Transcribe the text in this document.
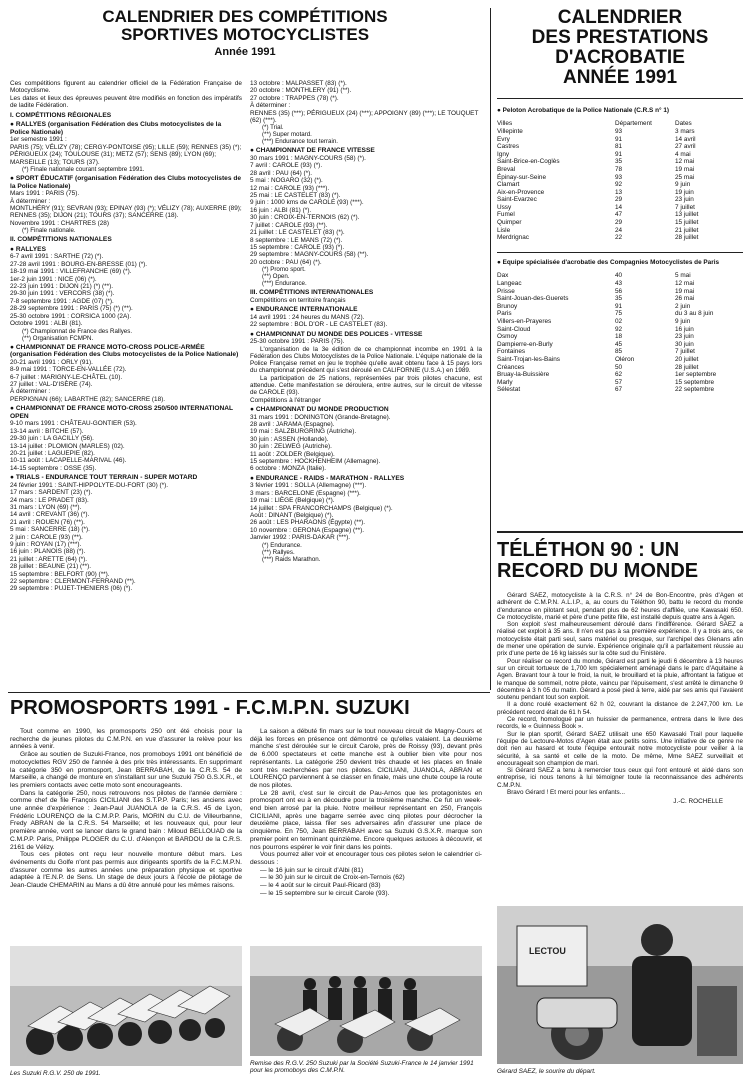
CALENDRIER DES COMPÉTITIONS
SPORTIVES MOTOCYCLISTES
Année 1991

Ces compétitions figurent au calendrier officiel de la Fédération Française de Motocyclisme.

Les dates et lieux des épreuves peuvent être modifiés en fonction des impératifs de ladite Fédération.

I. COMPÉTITIONS RÉGIONALES
● RALLYES (organisation Fédération des Clubs motocyclistes de la Police Nationale)
1er semestre 1991 :
PARIS (75); VÉLIZY (78); CERGY-PONTOISE (95); LILLE (59); RENNES (35) (*); PÉRIGUEUX (24); TOULOUSE (31); METZ (57); SENS (89); LYON (69); MARSEILLE (13); TOURS (37).
(*) Finale nationale courant septembre 1991.
● SPORT ÉDUCATIF (organisation Fédération des Clubs motocyclistes de la Police Nationale)
Mars 1991 : PARIS (75).
À déterminer :
MONTLHÉRY (91); SEVRAN (93); EPINAY (93) (*); VÉLIZY (78); AUXERRE (89); RENNES (35); DIJON (21); TOURS (37); SANCERRE (18).
Novembre 1991 : CHARTRES (28)
(*) Finale nationale.
II. COMPÉTITIONS NATIONALES
● RALLYES
6-7 avril 1991 : SARTHE (72) (*).
27-28 avril 1991 : BOURG-EN-BRESSE (01) (*).
18-19 mai 1991 : VILLEFRANCHE (69) (*).
1er-2 juin 1991 : NICE (06) (*).
22-23 juin 1991 : DIJON (21) (*) (**).
29-30 juin 1991 : VERCORS (38) (*).
7-8 septembre 1991 : AGDE (07) (*).
28-29 septembre 1991 : PARIS (75) (*) (**).
25-30 octobre 1991 : CORSICA 1000 (2A).
Octobre 1991 : ALBI (81).
(*) Championnat de France des Rallyes.
(**) Organisation FCMPN.
● CHAMPIONNAT DE FRANCE MOTO-CROSS POLICE-ARMÉE (organisation Fédération des Clubs motocyclistes de la Police Nationale)
20-21 avril 1991 : ORLY (91).
8-9 mai 1991 : TORCE-EN-VALLÉE (72).
6-7 juillet : MARIGNY-LE-CHÂTEL (10).
27 juillet : VAL-D'ISÈRE (74).
À déterminer :
PERPIGNAN (66); LABARTHE (82); SANCERRE (18).
● CHAMPIONNAT DE FRANCE MOTO-CROSS 250/500 INTERNATIONAL OPEN
9-10 mars 1991 : CHÂTEAU-GONTIER (53).
13-14 avril : BITCHE (57).
29-30 juin : LA GACILLY (56).
13-14 juillet : PLOMION (MARLES) (02).
20-21 juillet : LAGUEPIE (82).
10-11 août : LACAPELLE-MARIVAL (46).
14-15 septembre : OSSE (35).
● TRIALS - ENDURANCE TOUT TERRAIN - SUPER MOTARD
24 février 1991 : SAINT-HIPPOLYTE-DU-FORT (30) (*).
17 mars : SARDENT (23) (*).
24 mars : LE PRADET (83).
31 mars : LYON (69) (**).
14 avril : CREVANT (36) (*).
21 avril : ROUEN (76) (**).
5 mai : SANCERRE (18) (*).
2 juin : CAROLE (93) (**).
9 juin : ROYAN (17) (***).
16 juin : PLANOIS (88) (*).
21 juillet : ARETTE (64) (*).
28 juillet : BEAUNE (21) (**).
15 septembre : BELFORT (90) (**).
22 septembre : CLERMONT-FERRAND (**).
29 septembre : PUJET-THENIERS (06) (*).
13 octobre : MALPASSET (83) (*).
20 octobre : MONTHLERY (91) (**).
27 octobre : TRAPPES (78) (*).
À déterminer :
RENNES (35) (***); PÉRIGUEUX (24) (***); APPOIGNY (89) (***); LE TOUQUET (62) (***).
(*) Trial.
(**) Super motard.
(***) Endurance tout terrain.
● CHAMPIONNAT DE FRANCE VITESSE
30 mars 1991 : MAGNY-COURS (58) (*).
7 avril : CAROLE (93) (*).
28 avril : PAU (64) (*).
5 mai : NOGARO (32) (*).
12 mai : CAROLE (93) (***).
25 mai : LE CASTELET (83) (*).
9 juin : 1000 kms de CAROLE (93) (***).
16 juin : ALBI (81) (*).
30 juin : CROIX-EN-TERNOIS (62) (*).
7 juillet : CAROLE (93) (**).
21 juillet : LE CASTELET (83) (*).
8 septembre : LE MANS (72) (*).
15 septembre : CAROLE (93) (*).
29 septembre : MAGNY-COURS (58) (**).
20 octobre : PAU (64) (*).
(*) Promo sport.
(**) Open.
(***) Endurance.
III. COMPÉTITIONS INTERNATIONALES
Compétitions en territoire français
● ENDURANCE INTERNATIONALE
14 avril 1991 : 24 heures du MANS (72).
22 septembre : BOL D'OR - LE CASTELET (83).
● CHAMPIONNAT DU MONDE DES POLICES - VITESSE
25-30 octobre 1991 : PARIS (75).
L'organisation de la 3e édition de ce championnat incombe en 1991 à la Fédération des Clubs Motocyclistes de la Police Nationale. L'équipe nationale de la Police Française remet en jeu le trophée qu'elle avait obtenu face à 15 pays lors du championnat précédent qui s'est déroulé en CALIFORNIE (U.S.A.) en 1989.
La participation de 25 nations, représentées par trois pilotes chacune, est attendue. Cette manifestation se déroulera, entre autres, sur le circuit de vitesse de CAROLE (93).
Compétitions à l'étranger
● CHAMPIONNAT DU MONDE PRODUCTION
31 mars 1991 : DONINGTON (Grande-Bretagne).
28 avril : JARAMA (Espagne).
19 mai : SALZBURGRING (Autriche).
30 juin : ASSEN (Hollande).
30 juin : ZELWEG (Autriche).
11 août : ZOLDER (Belgique).
15 septembre : HOCKHENHEIM (Allemagne).
6 octobre : MONZA (Italie).
● ENDURANCE - RAIDS - MARATHON - RALLYES
3 février 1991 : SOLLA (Allemagne) (***).
3 mars : BARCELONE (Espagne) (***).
19 mai : LIÈGE (Belgique) (*).
14 juillet : SPA FRANCORCHAMPS (Belgique) (*).
Août : DINANT (Belgique) (*).
26 août : LES PHARAONS (Égypte) (**).
10 novembre : GERONA (Espagne) (**).
Janvier 1992 : PARIS-DAKAR (***).
(*) Endurance.
(**) Rallyes.
(***) Raids Marathon.
CALENDRIER
DES PRESTATIONS
D'ACROBATIE
ANNÉE 1991
● Peloton Acrobatique de la Police Nationale (C.R.S n° 1)
Villes	Département	Dates
Villepinte	93	3 mars
Evry	91	14 avril
Castres	81	27 avril
Igny	91	4 mai
Saint-Brice-en-Coglès	35	12 mai
Breval	78	19 mai
Épinay-sur-Seine	93	25 mai
Clamart	92	9 juin
Aix-en-Provence	13	19 juin
Saint-Evarzec	29	23 juin
Ussy	14	7 juillet
Fumel	47	13 juillet
Quimper	29	15 juillet
Lisle	24	21 juillet
Merdrignac	22	28 juillet
● Equipe spécialisée d'acrobatie des Compagnies Motocyclistes de Paris
Dax	40	5 mai
Langeac	43	12 mai
Prisse	56	19 mai
Saint-Jouan-des-Guerets	35	26 mai
Brunoy	91	2 juin
Paris	75	du 3 au 8 juin
Villers-en-Prayeres	02	9 juin
Saint-Cloud	92	16 juin
Osmoy	18	23 juin
Dampierre-en-Burly	45	30 juin
Fontaines	85	7 juillet
Saint-Trojan-les-Bains	Oléron	20 juillet
Créances	50	28 juillet
Bruay-la-Buissière	62	1er septembre
Marly	57	15 septembre
Sélestat	67	22 septembre
TÉLÉTHON 90 : UN
RECORD DU MONDE

Gérard SAEZ, motocycliste à la C.R.S. n° 24 de Bon-Encontre, près d'Agen et adhérent de C.M.P.N. A.L.I.P., a, au cours du Téléthon 90, battu le record du monde d'endurance en pilotant seul, pendant plus de 62 heures d'affilée, une Kawasaki 650. Ce motocycliste, marié et père d'une petite fille, est installé depuis quatre ans à Agen.

Son exploit s'est malheureusement déroulé dans l'indifférence. Gérard SAEZ a réalisé cet exploit à 35 ans. Il n'en est pas à sa première expérience. Il y a trois ans, ce motocycliste était parti seul, sans matériel ou presque, sur l'archipel des Glenans afin de mener une opération de survie. Expérience originale qu'il a parfaitement réussie au prix d'une perte de 16 kg laissés sur la côte sud du Finistère.

Pour réaliser ce record du monde, Gérard est parti le jeudi 6 décembre à 13 heures sur un circuit tortueux de 1,700 km spécialement aménagé dans le parc d'Aquitaine à Agen. Bravant tour à tour le froid, la nuit, le brouillard et la pluie, affrontant la fatigue et le manque de sommeil, notre pilote, vaincu par l'épuisement, s'est arrêté le dimanche 9 décembre à 3 h 05 du matin. Gérard a posé pied à terre, aidé par ses amis qui l'avaient soutenu pendant tout son exploit.

Il a donc roulé exactement 62 h 02, couvrant la distance de 2.247,700 km. Le précédent record était de 61 h 54.

Ce record, homologué par un huissier de permanence, entrera dans le livre des records, le « Guinness Book ».

Sur le plan sportif, Gérard SAEZ utilisait une 650 Kawasaki Trail pour laquelle l'équipe de Lectoure-Motos d'Agen était aux petits soins. Une initiative de ce genre ne doit rien au hasard et toute l'équipe entourait notre motocycliste pour veiller à la sécurité, à sa santé et celle de la moto. De même, Mme SAEZ surveillait et encourageait son champion de mari.

Si Gérard SAEZ a tenu à remercier tous ceux qui l'ont entouré et aidé dans son entreprise, ici nous tenons à lui témoigner toute la reconnaissance des adhérents C.M.P.N.

Bravo Gérard ! Et merci pour les enfants...

J.-C. ROCHELLE
LECTOU
Gérard SAEZ, le sourire du départ.
PROMOSPORTS 1991 - F.C.M.P.N. SUZUKI

Tout comme en 1990, les promosports 250 ont été choisis pour la recherche de jeunes pilotes du C.M.P.N. en vue d'assurer la relève pour les années à venir.

Grâce au soutien de Suzuki-France, nos promoboys 1991 ont bénéficié de motocyclettes RGV 250 de l'année à des prix très intéressants. En supprimant la catégorie 350 en promosport, Jean BERRABAH, de la C.R.S. 54 de Marseille, a changé de monture en s'installant sur une Suzuki 750 G.S.X.R., et les premiers contacts avec cette moto sont encourageants.

Dans la catégorie 250, nous retrouvons nos pilotes de l'année dernière : comme chef de file François CICILIANI des S.T.P.P. Paris; les anciens avec une année d'expérience : Jean-Paul JUANOLA de la C.R.S. 45 de Lyon, Frédéric LOURENÇO de la C.M.P.P. Paris, MORIN du C.U. de Villeurbanne, Fredy ABRAN de la C.R.S. 54 Marseille; et les nouveaux qui, pour leur première année, vont se lancer dans le grand bain : Miloud BELLOUAD de la C.M.P.P. Paris, Philippe PLOGER du C.U. d'Alençon et BARDOU de la C.R.S. 2161 de Vélizy.

Tous ces pilotes ont reçu leur nouvelle monture début mars. Les événements du Golfe n'ont pas permis aux dirigeants sportifs de la F.C.M.P.N. d'assurer comme les autres années une préparation physique et sportive adaptée à l'E.N.P. de Sens. Un stage de deux jours à l'école de pilotage de Jean-Claude CHEMARIN au Mans a dû être annulé pour les mêmes raisons.

La saison a débuté fin mars sur le tout nouveau circuit de Magny-Cours et déjà les forces en présence ont démontré ce qu'elles valaient. La deuxième manche s'est déroulée sur le circuit Carole, près de Roissy (93), devant près de 6.000 spectateurs et cette manche est à oublier bien vite pour nos représentants. La catégorie 250 devient très chaude et les places en finale sont très recherchées par nos pilotes. CICILIANI, JUANOLA, ABRAN et LOURENÇO parviennent à se classer en finale, mais une chute coupe la route de nos pilotes.

Le 28 avril, c'est sur le circuit de Pau-Arnos que les protagonistes en promosport ont eu à en découdre pour la troisième manche. Ce fut un week-end bien arrosé par la pluie. Notre meilleur représentant en 250, François CICILIANI, après une bagarre serrée avec cinq pilotes pour décrocher la deuxième place, laissa filer ses adversaires afin d'assurer une place de cinquième. En 750, Jean BERRABAH avec sa Suzuki G.S.X.R. marque son premier point en terminant quinzième. Encore quelques astuces à découvrir, et nos pourrons espérer le voir finir dans les points.

Vous pourrez aller voir et encourager tous ces pilotes selon le calendrier ci-dessous :

— le 16 juin sur le circuit d'Albi (81)
— le 30 juin sur le circuit de Croix-en-Ternois (62)
— le 4 août sur le circuit Paul-Ricard (83)
— le 15 septembre sur le circuit Carole (93).
Les Suzuki R.G.V. 250 de 1991.
Remise des R.G.V. 250 Suzuki par la Société Suzuki-France le 14 janvier 1991 pour les promoboys des C.M.P.N.
